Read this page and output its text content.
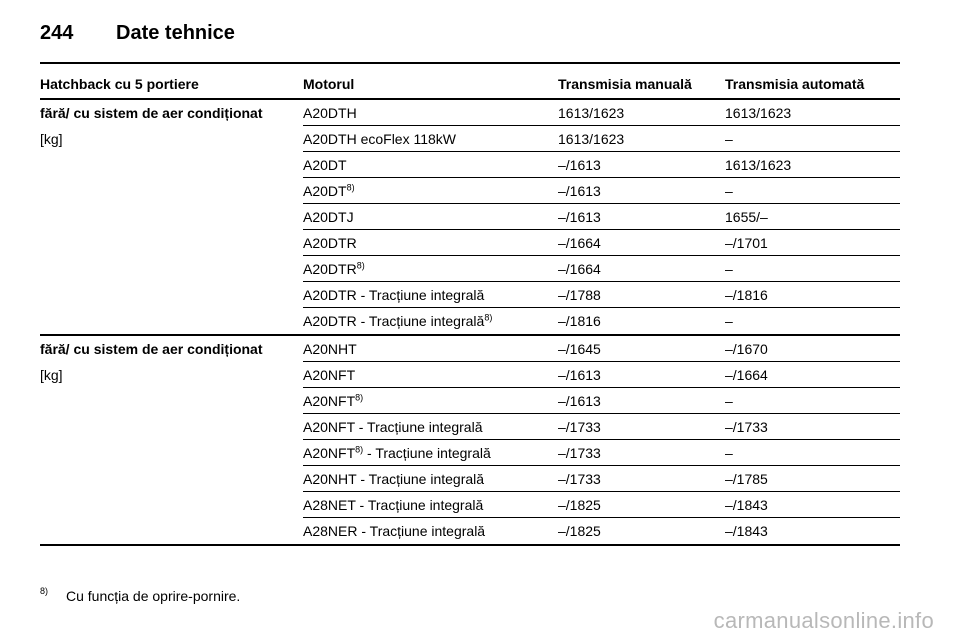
244	Date tehnice
Hatchback cu 5 portiere	Motorul	Transmisia manuală	Transmisia automată
fără/ cu sistem de aer condiționat
[kg]
A20DTH	1613/1623	1613/1623
A20DTH ecoFlex 118kW	1613/1623	–
A20DT	–/1613	1613/1623
A20DT$^{8)}$	–/1613	–
A20DTJ	–/1613	1655/–
A20DTR	–/1664	–/1701
A20DTR$^{8)}$	–/1664	–
A20DTR - Tracțiune integrală	–/1788	–/1816
A20DTR - Tracțiune integrală$^{8)}$	–/1816	–
fără/ cu sistem de aer condiționat
[kg]
A20NHT	–/1645	–/1670
A20NFT	–/1613	–/1664
A20NFT$^{8)}$	–/1613	–
A20NFT - Tracțiune integrală	–/1733	–/1733
A20NFT$^{8)}$ - Tracțiune integrală	–/1733	–
A20NHT - Tracțiune integrală	–/1733	–/1785
A28NET - Tracțiune integrală	–/1825	–/1843
A28NER - Tracțiune integrală	–/1825	–/1843
8)	Cu funcția de oprire-pornire.
carmanualsonline.info
